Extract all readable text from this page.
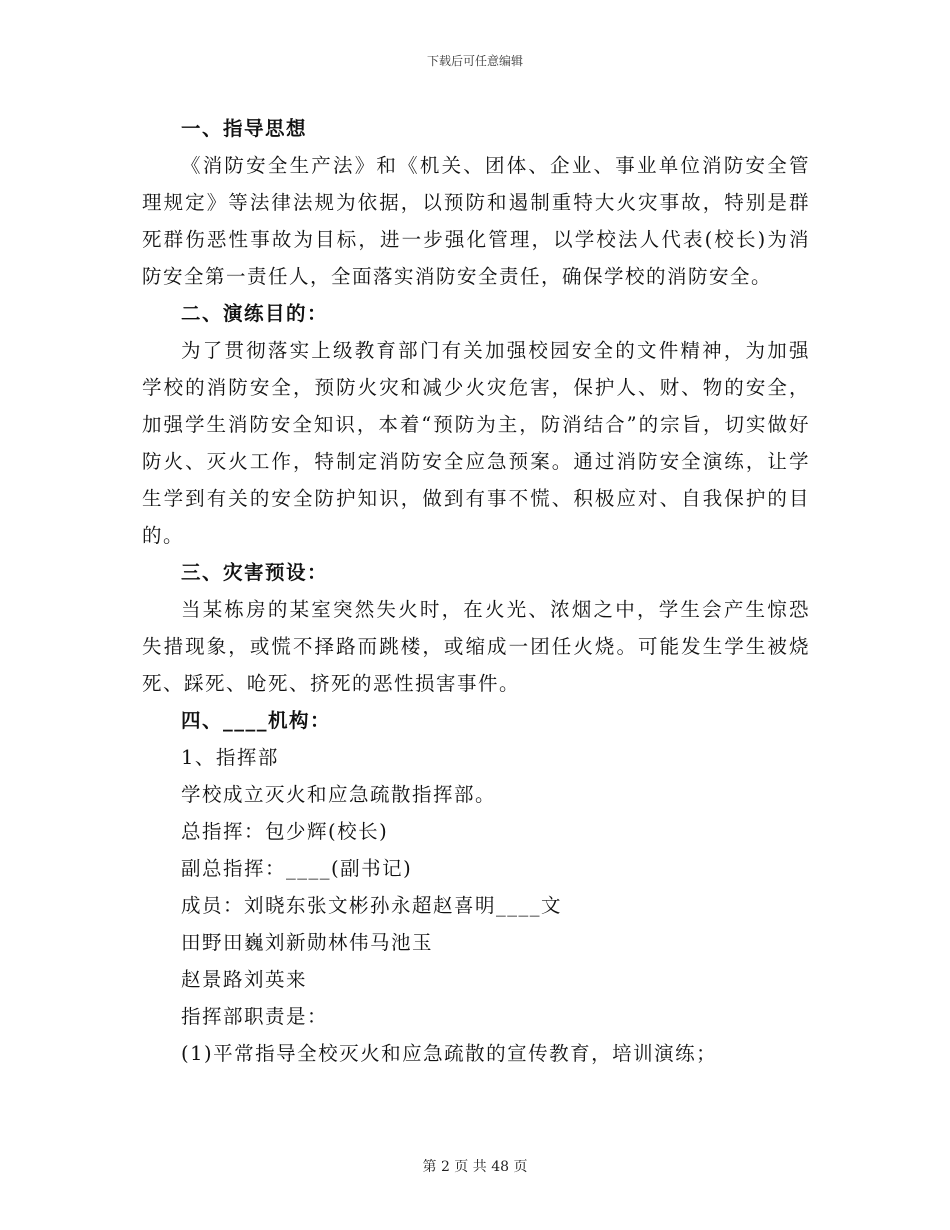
下载后可任意编辑

一、指导思想

《消防安全生产法》和《机关、团体、企业、事业单位消防安全管理规定》等法律法规为依据，以预防和遏制重特大火灾事故，特别是群死群伤恶性事故为目标，进一步强化管理，以学校法人代表(校长)为消防安全第一责任人，全面落实消防安全责任，确保学校的消防安全。

二、演练目的：

为了贯彻落实上级教育部门有关加强校园安全的文件精神，为加强学校的消防安全，预防火灾和减少火灾危害，保护人、财、物的安全，加强学生消防安全知识，本着“预防为主，防消结合”的宗旨，切实做好防火、灭火工作，特制定消防安全应急预案。通过消防安全演练，让学生学到有关的安全防护知识，做到有事不慌、积极应对、自我保护的目的。

三、灾害预设：

当某栋房的某室突然失火时，在火光、浓烟之中，学生会产生惊恐失措现象，或慌不择路而跳楼，或缩成一团任火烧。可能发生学生被烧死、踩死、呛死、挤死的恶性损害事件。

四、____机构：

1、指挥部

学校成立灭火和应急疏散指挥部。

总指挥：包少辉(校长)

副总指挥：____(副书记)

成员：刘晓东张文彬孙永超赵喜明____文

田野田巍刘新勋林伟马池玉

赵景路刘英来

指挥部职责是：

(1)平常指导全校灭火和应急疏散的宣传教育，培训演练；

第 2 页 共 48 页
